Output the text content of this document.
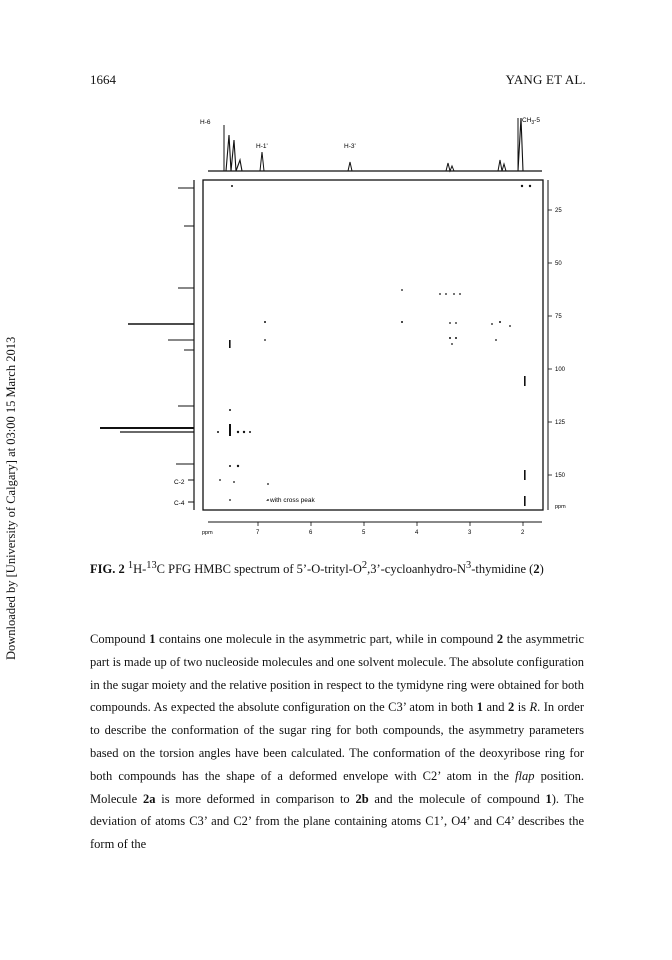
1664	YANG ET AL.
Downloaded by [University of Calgary] at 03:00 15 March 2013
H-6
H-1'	H-3'
$CH_3-5$
C-2
C-4	- with cross peak
25
50
75
100
125
150
ppm
ppm	7	6	5	4	3	2
FIG. 2 $^1$H-$^{13}$C PFG HMBC spectrum of $5’-O-trityl-O^2,3’-cycloanhydro-N^3$-thymidine (2)

Compound 1 contains one molecule in the asymmetric part, while in compound 2 the asymmetric part is made up of two nucleoside molecules and one solvent molecule. The absolute configuration in the sugar moiety and the relative position in respect to the tymidyne ring were obtained for both compounds. As expected the absolute configuration on the C3’ atom in both 1 and 2 is R. In order to describe the conformation of the sugar ring for both compounds, the asymmetry parameters based on the torsion angles have been calculated. The conformation of the deoxyribose ring for both compounds has the shape of a deformed envelope with C2’ atom in the flap position. Molecule 2a is more deformed in comparison to 2b and the molecule of compound 1). The deviation of atoms C3’ and C2’ from the plane containing atoms C1’, O4’ and C4’ describes the form of the
